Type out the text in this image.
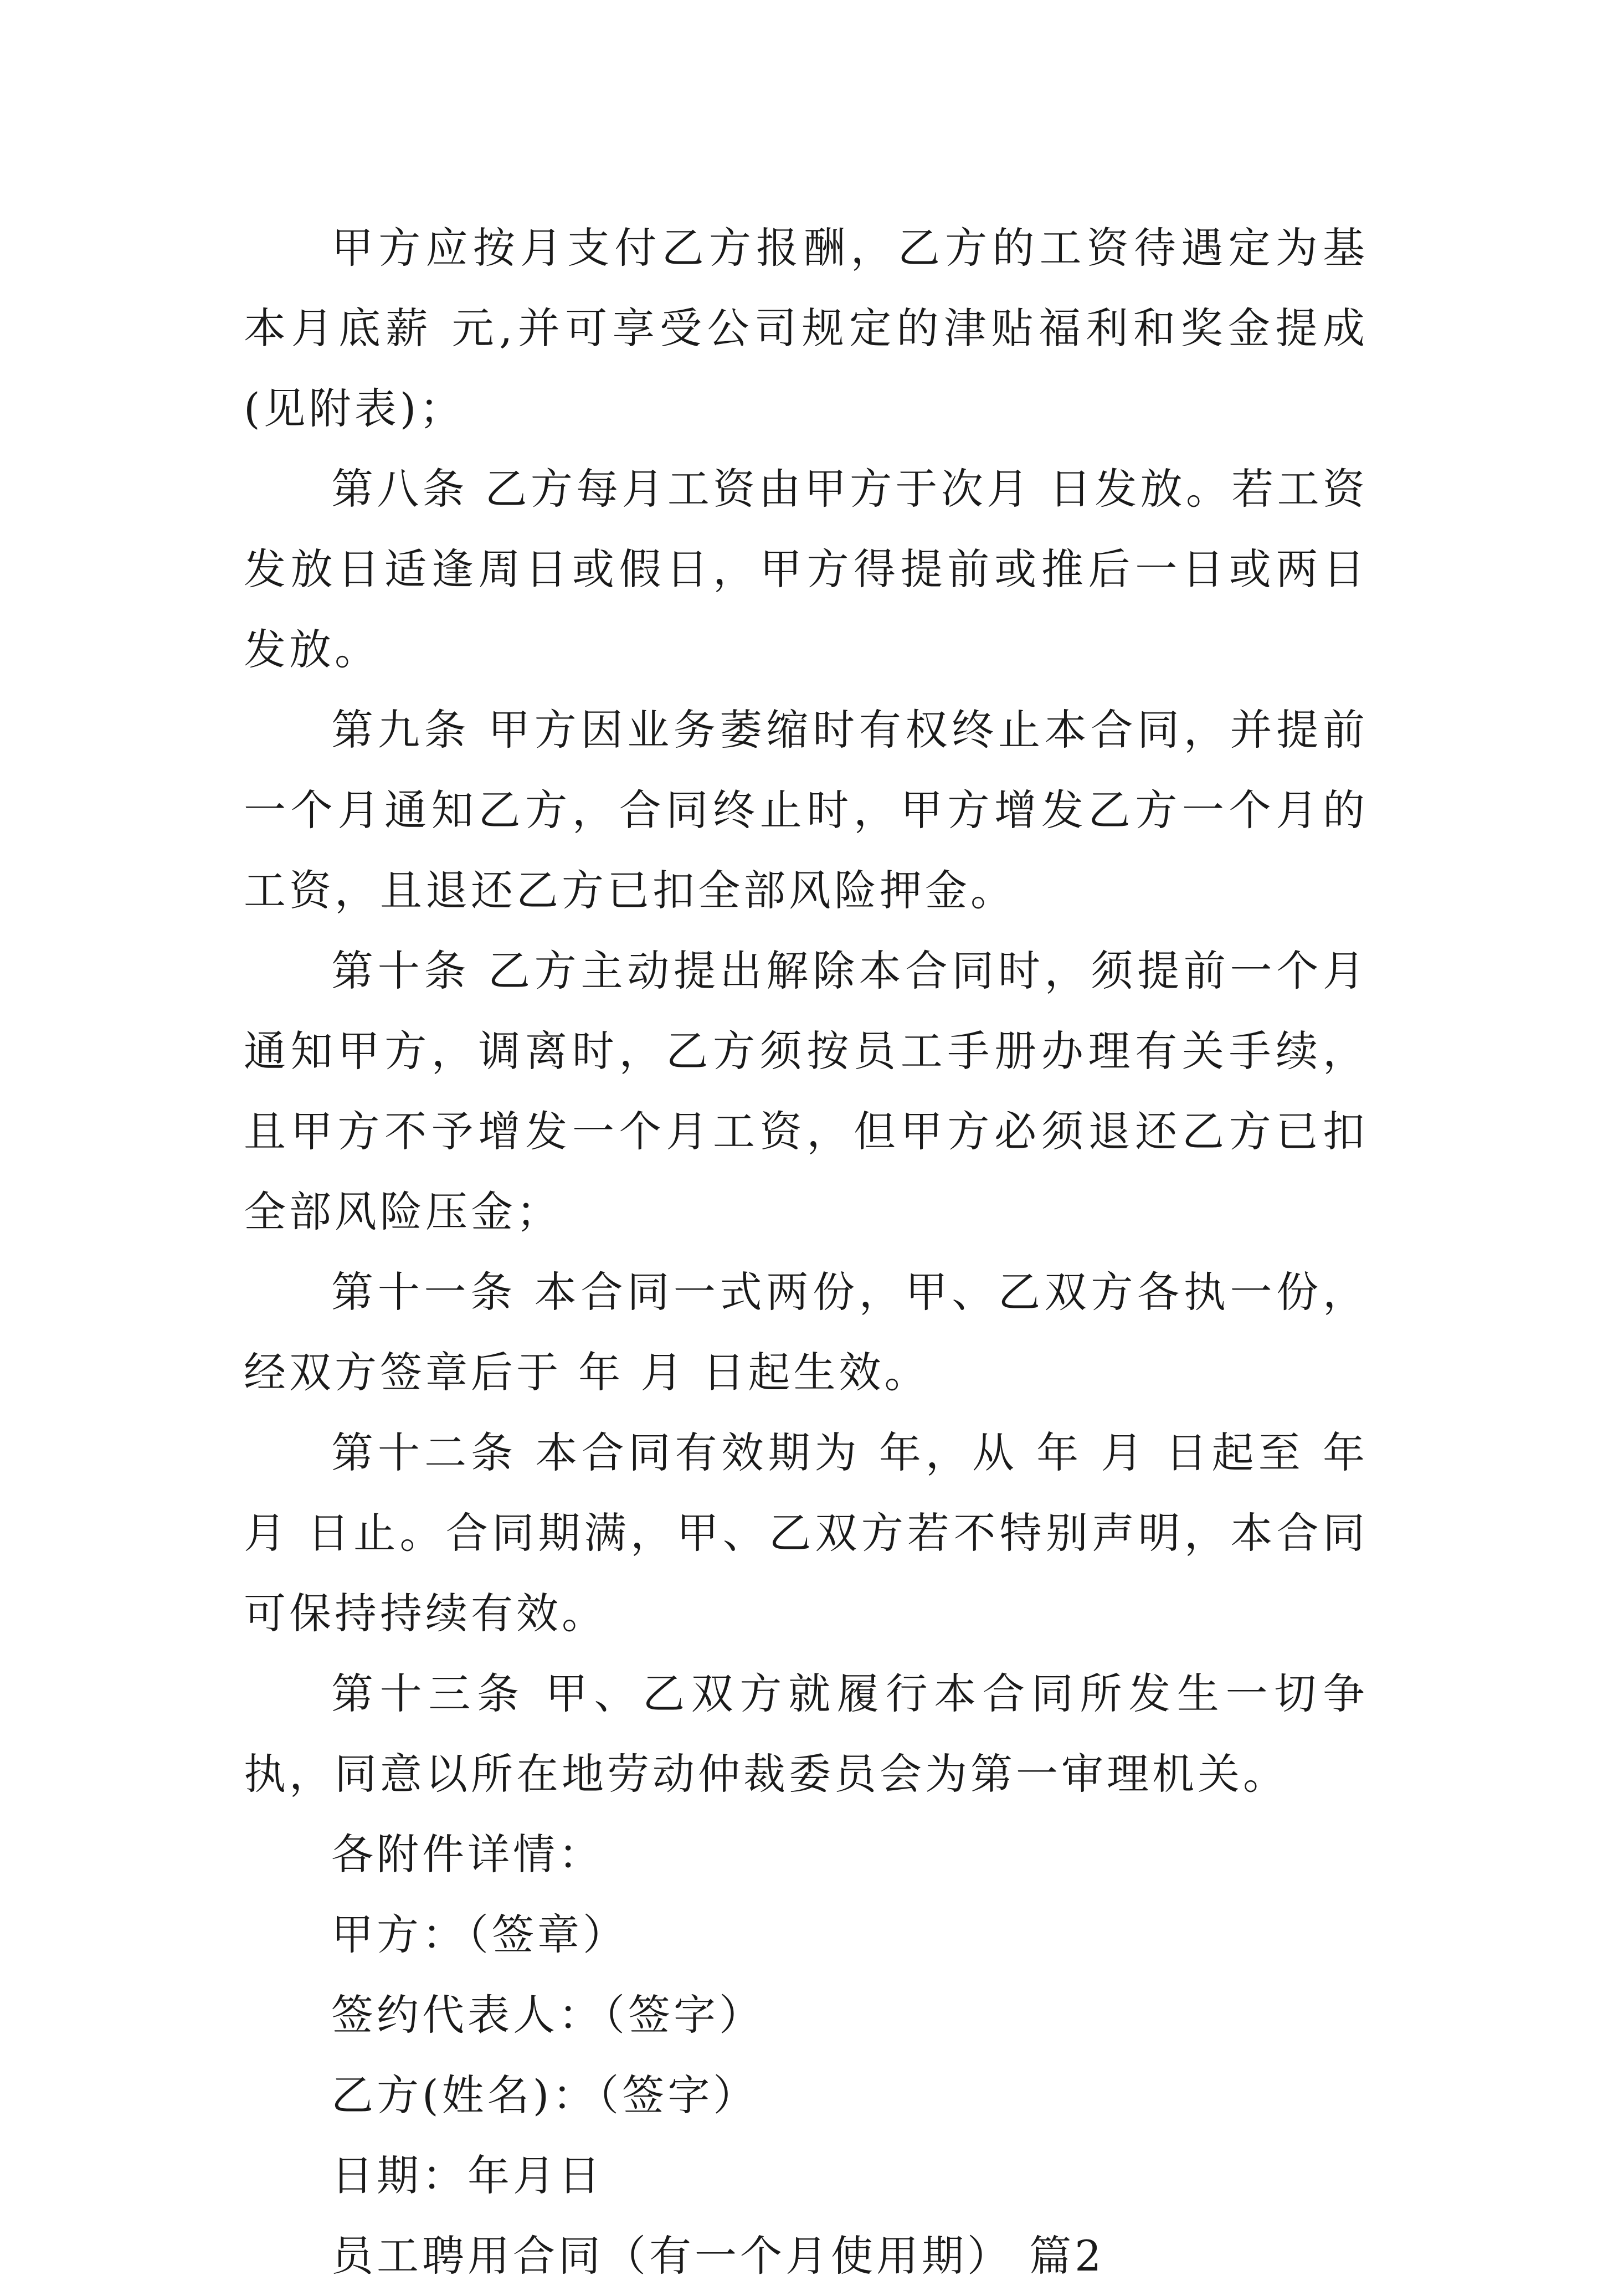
甲方应按月支付乙方报酬，乙方的工资待遇定为基本月底薪 元,并可享受公司规定的津贴福利和奖金提成(见附表)；

第八条 乙方每月工资由甲方于次月 日发放。若工资发放日适逢周日或假日，甲方得提前或推后一日或两日发放。

第九条 甲方因业务萎缩时有权终止本合同，并提前一个月通知乙方，合同终止时，甲方增发乙方一个月的工资，且退还乙方已扣全部风险押金。

第十条 乙方主动提出解除本合同时，须提前一个月通知甲方，调离时，乙方须按员工手册办理有关手续，且甲方不予增发一个月工资，但甲方必须退还乙方已扣全部风险压金；

第十一条 本合同一式两份，甲、乙双方各执一份，经双方签章后于 年 月 日起生效。

第十二条 本合同有效期为 年，从 年 月 日起至 年月 日止。合同期满，甲、乙双方若不特别声明，本合同可保持持续有效。

第十三条 甲、乙双方就履行本合同所发生一切争执，同意以所在地劳动仲裁委员会为第一审理机关。

各附件详情：

甲方：（签章）

签约代表人：（签字）

乙方(姓名)：（签字）

日期：年月日

员工聘用合同（有一个月使用期） 篇2
